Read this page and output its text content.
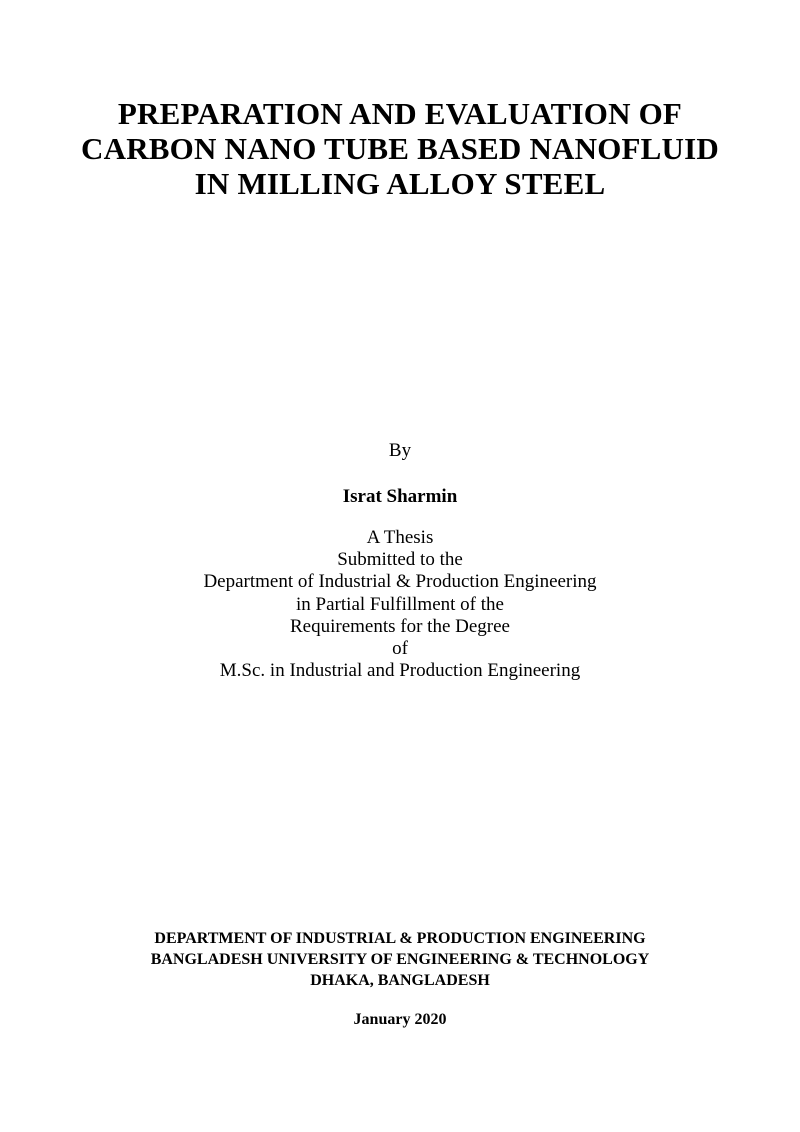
PREPARATION AND EVALUATION OF
CARBON NANO TUBE BASED NANOFLUID
IN MILLING ALLOY STEEL
By
Israt Sharmin
A Thesis
Submitted to the
Department of Industrial & Production Engineering
in Partial Fulfillment of the
Requirements for the Degree
of
M.Sc. in Industrial and Production Engineering
DEPARTMENT OF INDUSTRIAL & PRODUCTION ENGINEERING
BANGLADESH UNIVERSITY OF ENGINEERING & TECHNOLOGY
DHAKA, BANGLADESH
January 2020
